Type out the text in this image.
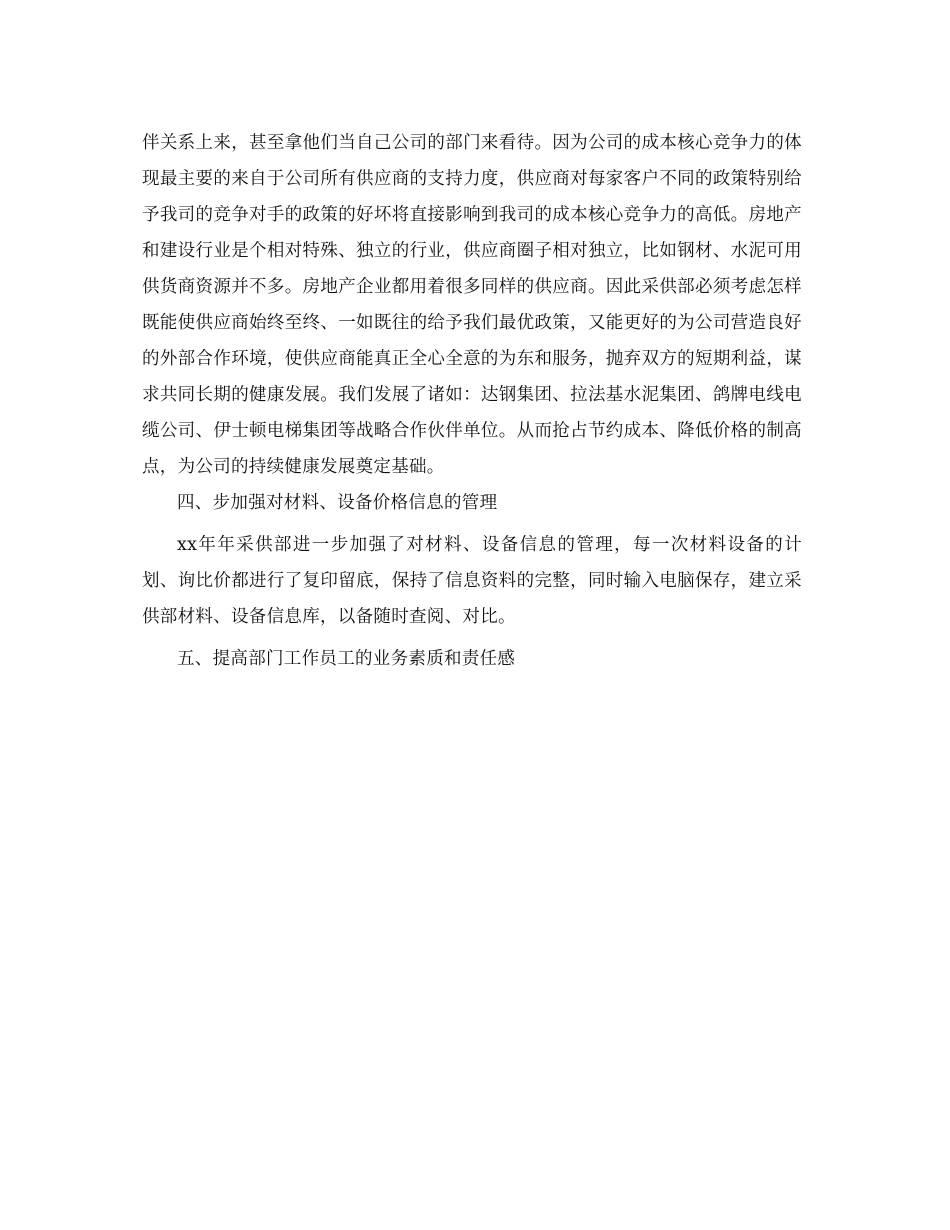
伴关系上来，甚至拿他们当自己公司的部门来看待。因为公司的成本核心竞争力的体现最主要的来自于公司所有供应商的支持力度，供应商对每家客户不同的政策特别给予我司的竞争对手的政策的好坏将直接影响到我司的成本核心竞争力的高低。房地产和建设行业是个相对特殊、独立的行业，供应商圈子相对独立，比如钢材、水泥可用供货商资源并不多。房地产企业都用着很多同样的供应商。因此采供部必须考虑怎样既能使供应商始终至终、一如既往的给予我们最优政策，又能更好的为公司营造良好的外部合作环境，使供应商能真正全心全意的为东和服务，抛弃双方的短期利益，谋求共同长期的健康发展。我们发展了诸如：达钢集团、拉法基水泥集团、鸽牌电线电缆公司、伊士顿电梯集团等战略合作伙伴单位。从而抢占节约成本、降低价格的制高点，为公司的持续健康发展奠定基础。

四、步加强对材料、设备价格信息的管理

xx年年采供部进一步加强了对材料、设备信息的管理，每一次材料设备的计划、询比价都进行了复印留底，保持了信息资料的完整，同时输入电脑保存，建立采供部材料、设备信息库，以备随时查阅、对比。

五、提高部门工作员工的业务素质和责任感
